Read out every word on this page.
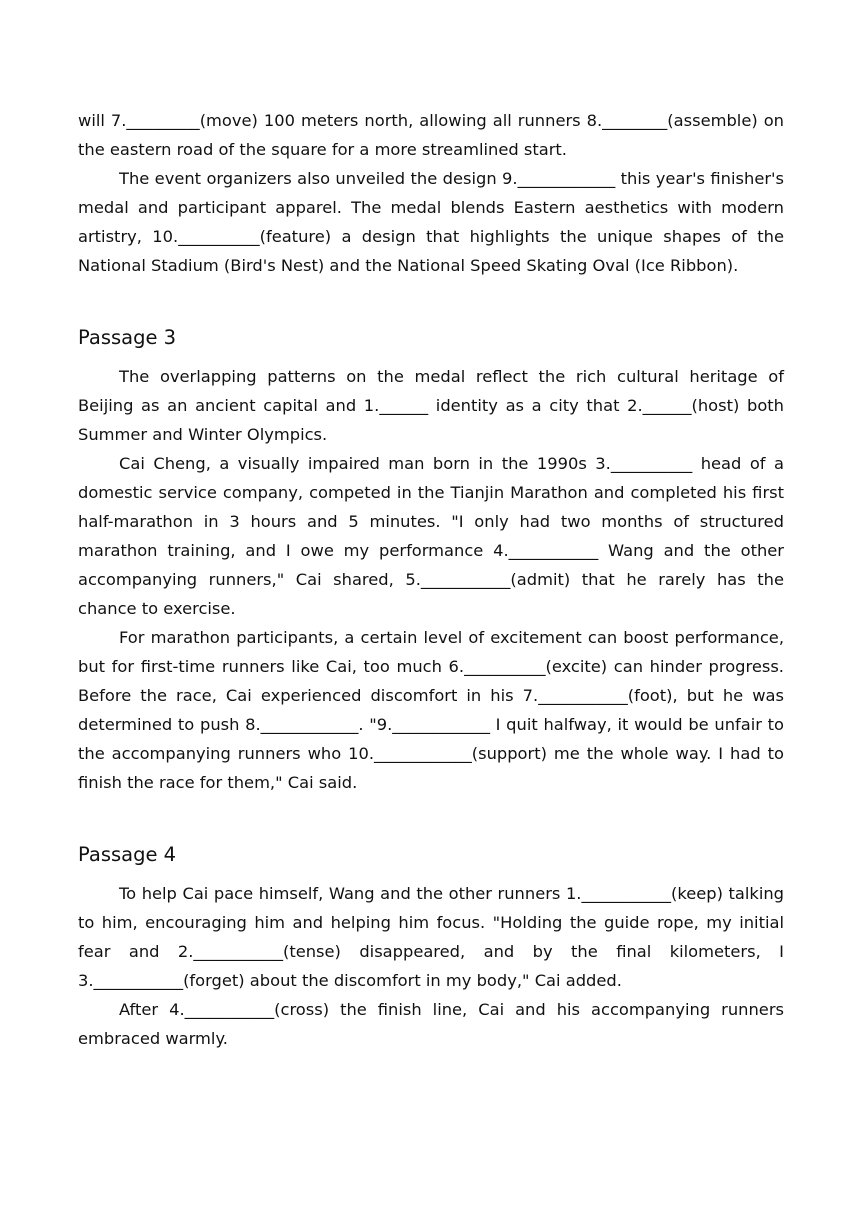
will 7._________(move) 100 meters north, allowing all runners 8.________(assemble) on the eastern road of the square for a more streamlined start.

The event organizers also unveiled the design 9.____________ this year's finisher's medal and participant apparel. The medal blends Eastern aesthetics with modern artistry, 10.__________(feature) a design that highlights the unique shapes of the National Stadium (Bird's Nest) and the National Speed Skating Oval (Ice Ribbon).

Passage 3

The overlapping patterns on the medal reflect the rich cultural heritage of Beijing as an ancient capital and 1.______ identity as a city that 2.______(host) both Summer and Winter Olympics.

Cai Cheng, a visually impaired man born in the 1990s 3.__________ head of a domestic service company, competed in the Tianjin Marathon and completed his first half-marathon in 3 hours and 5 minutes. "I only had two months of structured marathon training, and I owe my performance 4.___________ Wang and the other accompanying runners," Cai shared, 5.___________(admit) that he rarely has the chance to exercise.

For marathon participants, a certain level of excitement can boost performance, but for first-time runners like Cai, too much 6.__________(excite) can hinder progress. Before the race, Cai experienced discomfort in his 7.___________(foot), but he was determined to push 8.____________. "9.____________ I quit halfway, it would be unfair to the accompanying runners who 10.____________(support) me the whole way. I had to finish the race for them," Cai said.

Passage 4

To help Cai pace himself, Wang and the other runners 1.___________(keep) talking to him, encouraging him and helping him focus. "Holding the guide rope, my initial fear and 2.___________(tense) disappeared, and by the final kilometers, I 3.___________(forget) about the discomfort in my body," Cai added.

After 4.___________(cross) the finish line, Cai and his accompanying runners embraced warmly.
